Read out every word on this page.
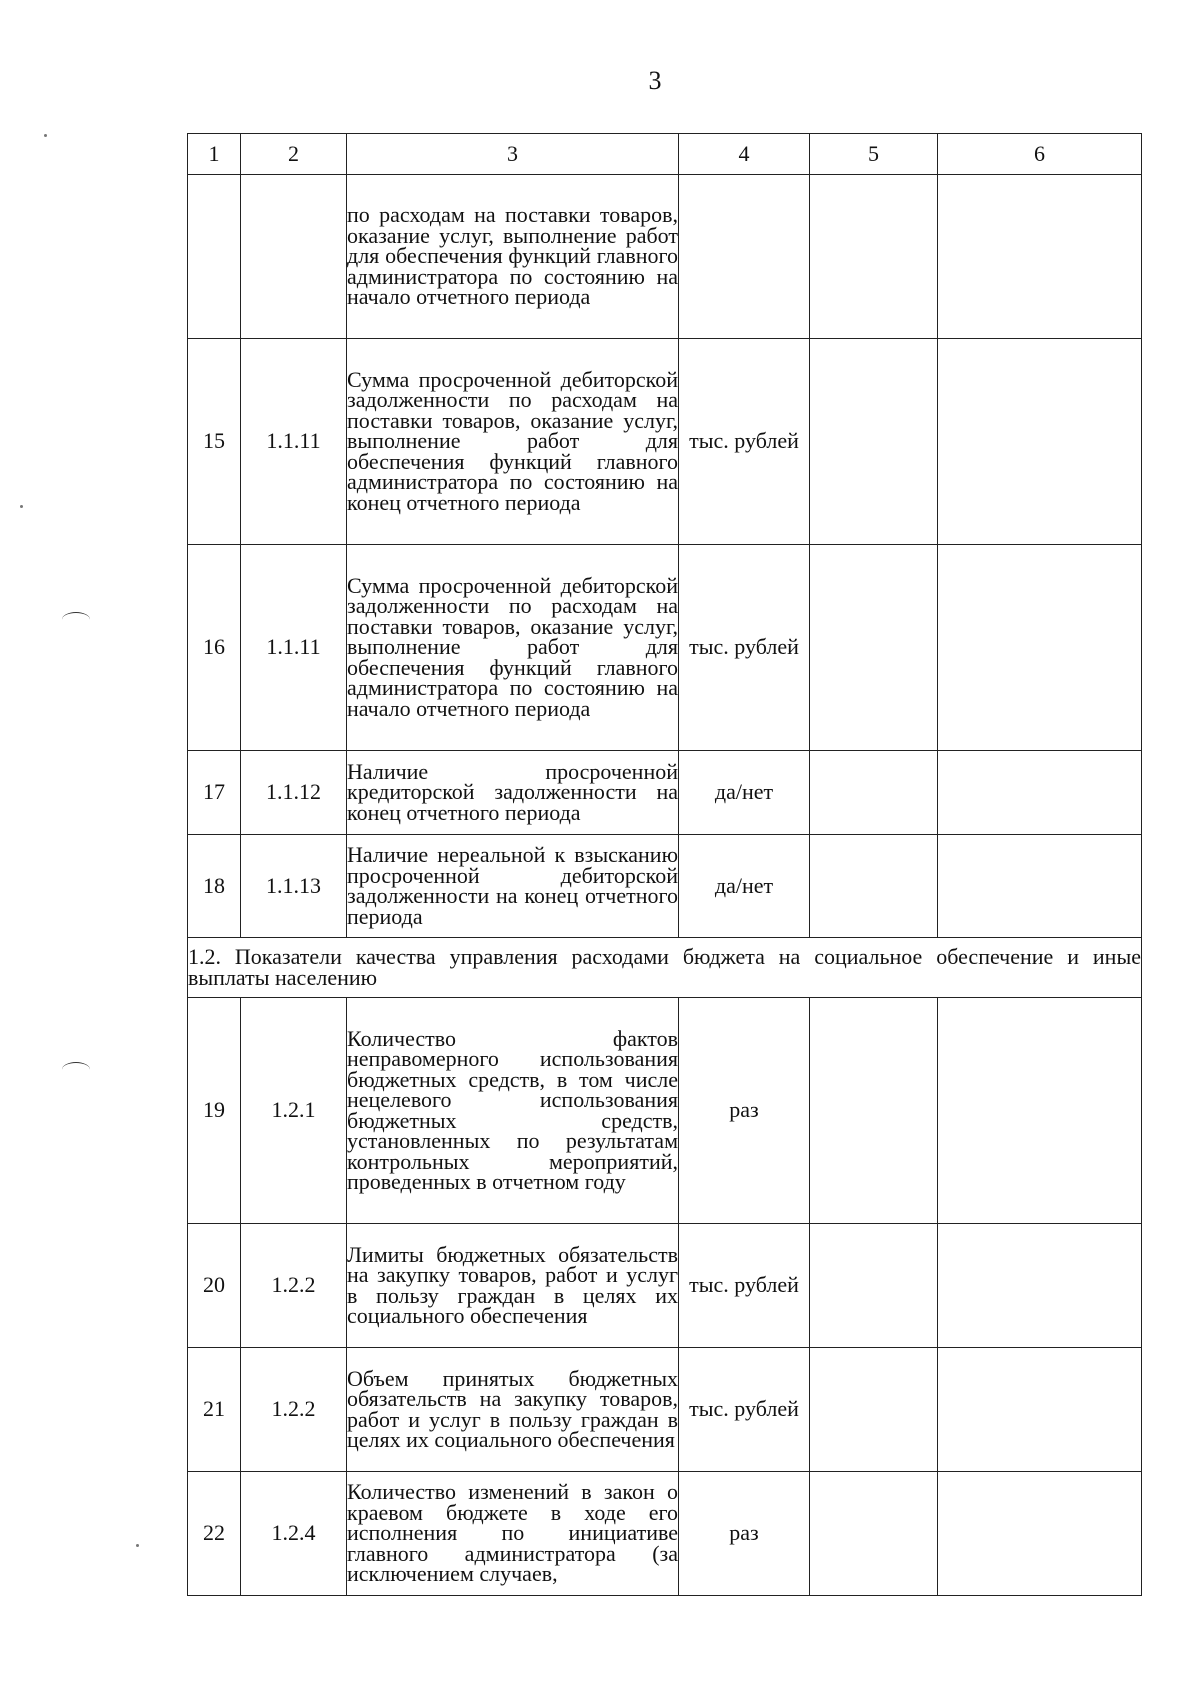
3
1	2	3	4	5	6
		по расходам на поставки товаров, оказание услуг, выполнение работ для обеспечения функций главного администратора по состоянию на начало отчетного периода			
15	1.1.11	Сумма просроченной дебиторской задолженности по расходам на поставки товаров, оказание услуг, выполнение работ для обеспечения функций главного администратора по состоянию на конец отчетного периода	тыс. рублей		
16	1.1.11	Сумма просроченной дебиторской задолженности по расходам на поставки товаров, оказание услуг, выполнение работ для обеспечения функций главного администратора по состоянию на начало отчетного периода	тыс. рублей		
17	1.1.12	Наличие просроченной кредиторской задолженности на конец отчетного периода	да/нет		
18	1.1.13	Наличие нереальной к взысканию просроченной дебиторской задолженности на конец отчетного периода	да/нет		
1.2. Показатели качества управления расходами бюджета на социальное обеспечение и иные выплаты населению					
19	1.2.1	Количество фактов неправомерного использования бюджетных средств, в том числе нецелевого использования бюджетных средств, установленных по результатам контрольных мероприятий, проведенных в отчетном году	раз		
20	1.2.2	Лимиты бюджетных обязательств на закупку товаров, работ и услуг в пользу граждан в целях их социального обеспечения	тыс. рублей		
21	1.2.2	Объем принятых бюджетных обязательств на закупку товаров, работ и услуг в пользу граждан в целях их социального обеспечения	тыс. рублей		
22	1.2.4	Количество изменений в закон о краевом бюджете в ходе его исполнения по инициативе главного администратора (за исключением случаев,	раз		
